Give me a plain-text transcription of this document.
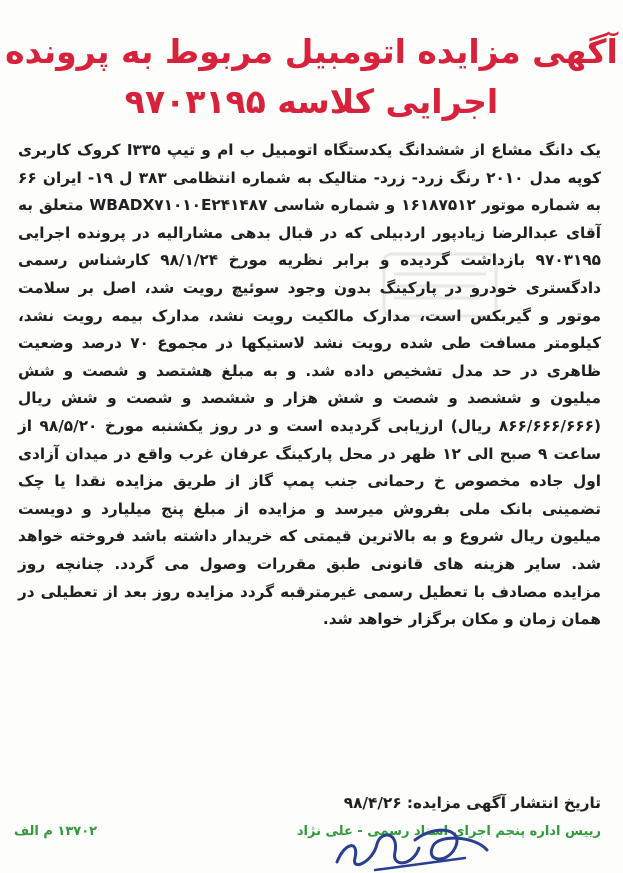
آگهی مزایده اتومبیل مربوط به پرونده
اجرایی کلاسه ۹۷۰۳۱۹۵
یک دانگ مشاع از ششدانگ یکدستگاه اتومبیل ب ام و تیپ I۳۳۵ کروک کاربری کوپه مدل ۲۰۱۰ رنگ زرد- زرد- متالیک به شماره انتظامی ۳۸۳ ل ۱۹- ایران ۶۶ به شماره موتور ۱۶۱۸۷۵۱۲ و شماره شاسی WBADX۷۱۰۱۰E۲۴۱۴۸۷ متعلق به آقای عبدالرضا زیادپور اردبیلی که در قبال بدهی مشارالیه در پرونده اجرایی ۹۷۰۳۱۹۵ بازداشت گردیده و برابر نظریه مورخ ۹۸/۱/۲۴ کارشناس رسمی دادگستری خودرو در پارکینگ بدون وجود سوئیچ رویت شد، اصل بر سلامت موتور و گیربکس است، مدارک مالکیت رویت نشد، مدارک بیمه رویت نشد، کیلومتر مسافت طی شده رویت نشد لاستیکها در مجموع ۷۰ درصد وضعیت ظاهری در حد مدل تشخیص داده شد. و به مبلغ هشتصد و شصت و شش میلیون و ششصد و شصت و شش هزار و ششصد و شصت و شش ریال (۸۶۶/۶۶۶/۶۶۶ ریال) ارزیابی گردیده است و در روز یکشنبه مورخ ۹۸/۵/۲۰ از ساعت ۹ صبح الی ۱۲ ظهر در محل پارکینگ عرفان غرب واقع در میدان آزادی اول جاده مخصوص خ رحمانی جنب پمپ گاز از طریق مزایده نقدا یا چک تضمینی بانک ملی بفروش میرسد و مزایده از مبلغ پنج میلیارد و دویست میلیون ریال شروع و به بالاترین قیمتی که خریدار داشته باشد فروخته خواهد شد. سایر هزینه های قانونی طبق مقررات وصول می گردد. چنانچه روز مزایده مصادف با تعطیل رسمی غیرمترقبه گردد مزایده روز بعد از تعطیلی در همان زمان و مکان برگزار خواهد شد.
تاریخ انتشار آگهی مزایده: ۹۸/۴/۲۶
رییس اداره پنجم اجرای اسناد رسمی - علی نژاد
۱۳۷۰۲ م الف
